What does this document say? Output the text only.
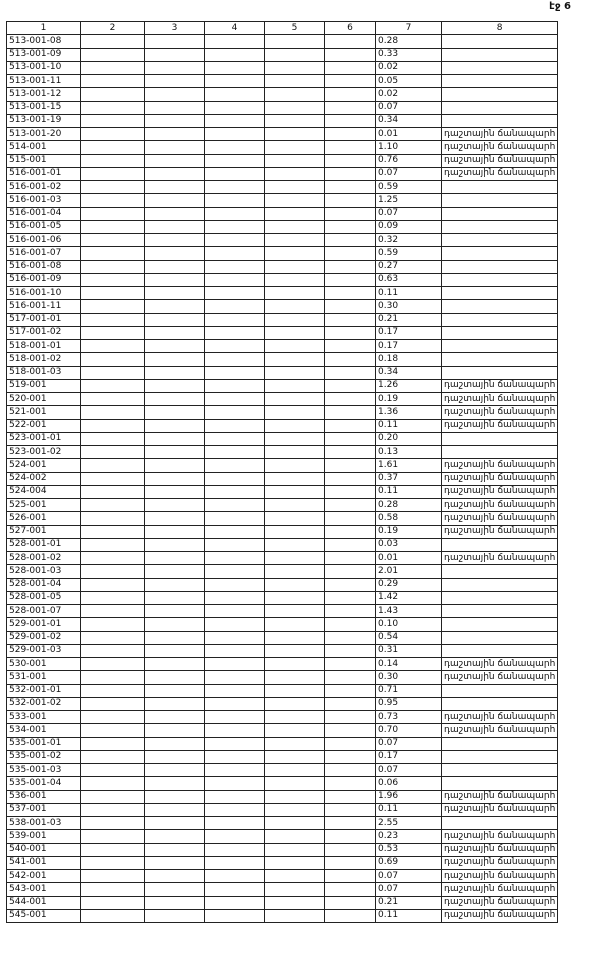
էջ 6
1	2	3	4	5	6	7	8
513-001-08						0.28	
513-001-09						0.33	
513-001-10						0.02	
513-001-11						0.05	
513-001-12						0.02	
513-001-15						0.07	
513-001-19						0.34	
513-001-20						0.01	դաշտային ճանապարհ
514-001						1.10	դաշտային ճանապարհ
515-001						0.76	դաշտային ճանապարհ
516-001-01						0.07	դաշտային ճանապարհ
516-001-02						0.59	
516-001-03						1.25	
516-001-04						0.07	
516-001-05						0.09	
516-001-06						0.32	
516-001-07						0.59	
516-001-08						0.27	
516-001-09						0.63	
516-001-10						0.11	
516-001-11						0.30	
517-001-01						0.21	
517-001-02						0.17	
518-001-01						0.17	
518-001-02						0.18	
518-001-03						0.34	
519-001						1.26	դաշտային ճանապարհ
520-001						0.19	դաշտային ճանապարհ
521-001						1.36	դաշտային ճանապարհ
522-001						0.11	դաշտային ճանապարհ
523-001-01						0.20	
523-001-02						0.13	
524-001						1.61	դաշտային ճանապարհ
524-002						0.37	դաշտային ճանապարհ
524-004						0.11	դաշտային ճանապարհ
525-001						0.28	դաշտային ճանապարհ
526-001						0.58	դաշտային ճանապարհ
527-001						0.19	դաշտային ճանապարհ
528-001-01						0.03	
528-001-02						0.01	դաշտային ճանապարհ
528-001-03						2.01	
528-001-04						0.29	
528-001-05						1.42	
528-001-07						1.43	
529-001-01						0.10	
529-001-02						0.54	
529-001-03						0.31	
530-001						0.14	դաշտային ճանապարհ
531-001						0.30	դաշտային ճանապարհ
532-001-01						0.71	
532-001-02						0.95	
533-001						0.73	դաշտային ճանապարհ
534-001						0.70	դաշտային ճանապարհ
535-001-01						0.07	
535-001-02						0.17	
535-001-03						0.07	
535-001-04						0.06	
536-001						1.96	դաշտային ճանապարհ
537-001						0.11	դաշտային ճանապարհ
538-001-03						2.55	
539-001						0.23	դաշտային ճանապարհ
540-001						0.53	դաշտային ճանապարհ
541-001						0.69	դաշտային ճանապարհ
542-001						0.07	դաշտային ճանապարհ
543-001						0.07	դաշտային ճանապարհ
544-001						0.21	դաշտային ճանապարհ
545-001						0.11	դաշտային ճանապարհ
